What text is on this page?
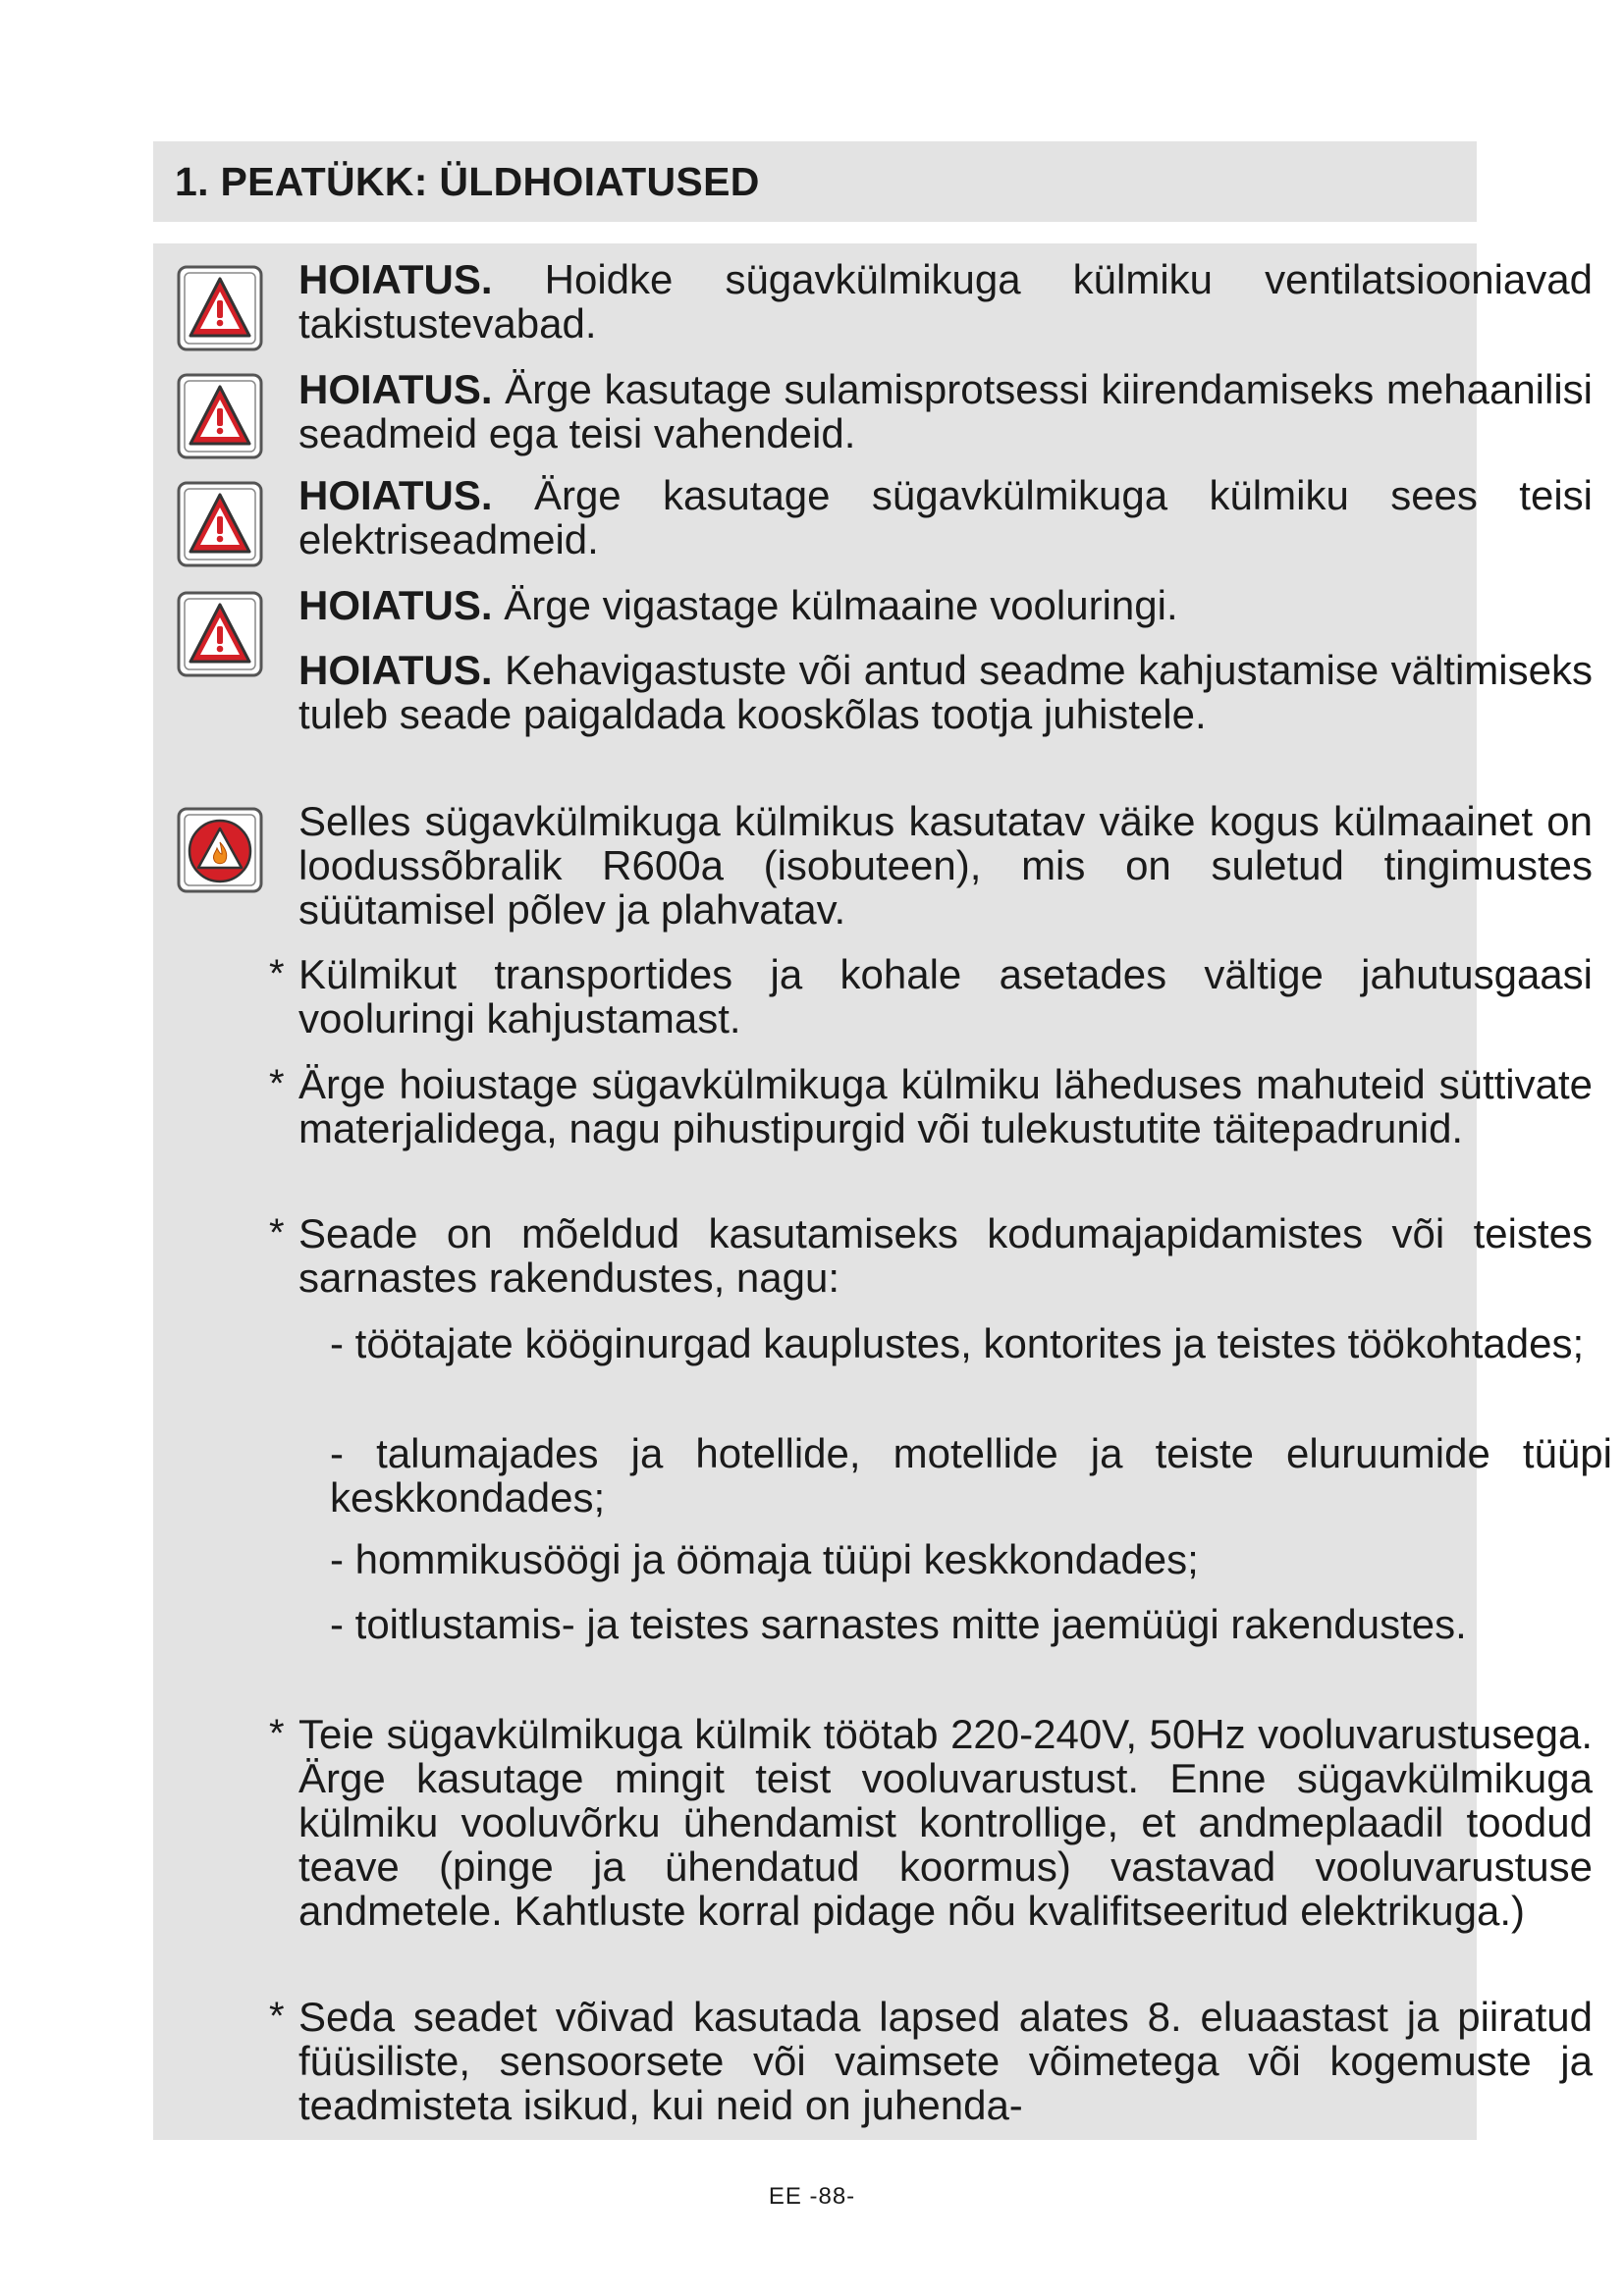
1. PEATÜKK: ÜLDHOIATUSED
HOIATUS. Hoidke sügavkülmikuga külmiku ventilatsiooniavad takistustevabad.
HOIATUS. Ärge kasutage sulamisprotsessi kiirendamiseks mehaanilisi seadmeid ega teisi vahendeid.
HOIATUS. Ärge kasutage sügavkülmikuga külmiku sees teisi elektriseadmeid.
HOIATUS. Ärge vigastage külmaaine vooluringi.
HOIATUS. Kehavigastuste või antud seadme kahjustamise vältimiseks tuleb seade paigaldada kooskõlas tootja juhistele.
Selles sügavkülmikuga külmikus kasutatav väike kogus külmaainet on loodussõbralik R600a (isobuteen), mis on suletud tingimustes süütamisel põlev ja plahvatav.
* Külmikut transportides ja kohale asetades vältige jahutusgaasi vooluringi kahjustamast.
* Ärge hoiustage sügavkülmikuga külmiku läheduses mahuteid süttivate materjalidega, nagu pihustipurgid või tulekustutite täitepadrunid.
* Seade on mõeldud kasutamiseks kodumajapidamistes või teistes sarnastes rakendustes, nagu:
- töötajate kööginurgad kauplustes, kontorites ja teistes töökohtades;
- talumajades ja hotellide, motellide ja teiste eluruumide tüüpi keskkondades;
- hommikusöögi ja öömaja tüüpi keskkondades;
- toitlustamis- ja teistes sarnastes mitte jaemüügi rakendustes.
* Teie sügavkülmikuga külmik töötab 220-240V, 50Hz vooluvarustusega. Ärge kasutage mingit teist vooluvarustust. Enne sügavkülmikuga külmiku vooluvõrku ühendamist kontrollige, et andmeplaadil toodud teave (pinge ja ühendatud koormus) vastavad vooluvarustuse andmetele. Kahtluste korral pidage nõu kvalifitseeritud elektrikuga.)
* Seda seadet võivad kasutada lapsed alates 8. eluaastast ja piiratud füüsiliste, sensoorsete või vaimsete võimetega või kogemuste ja teadmisteta isikud, kui neid on juhenda-
EE -88-
